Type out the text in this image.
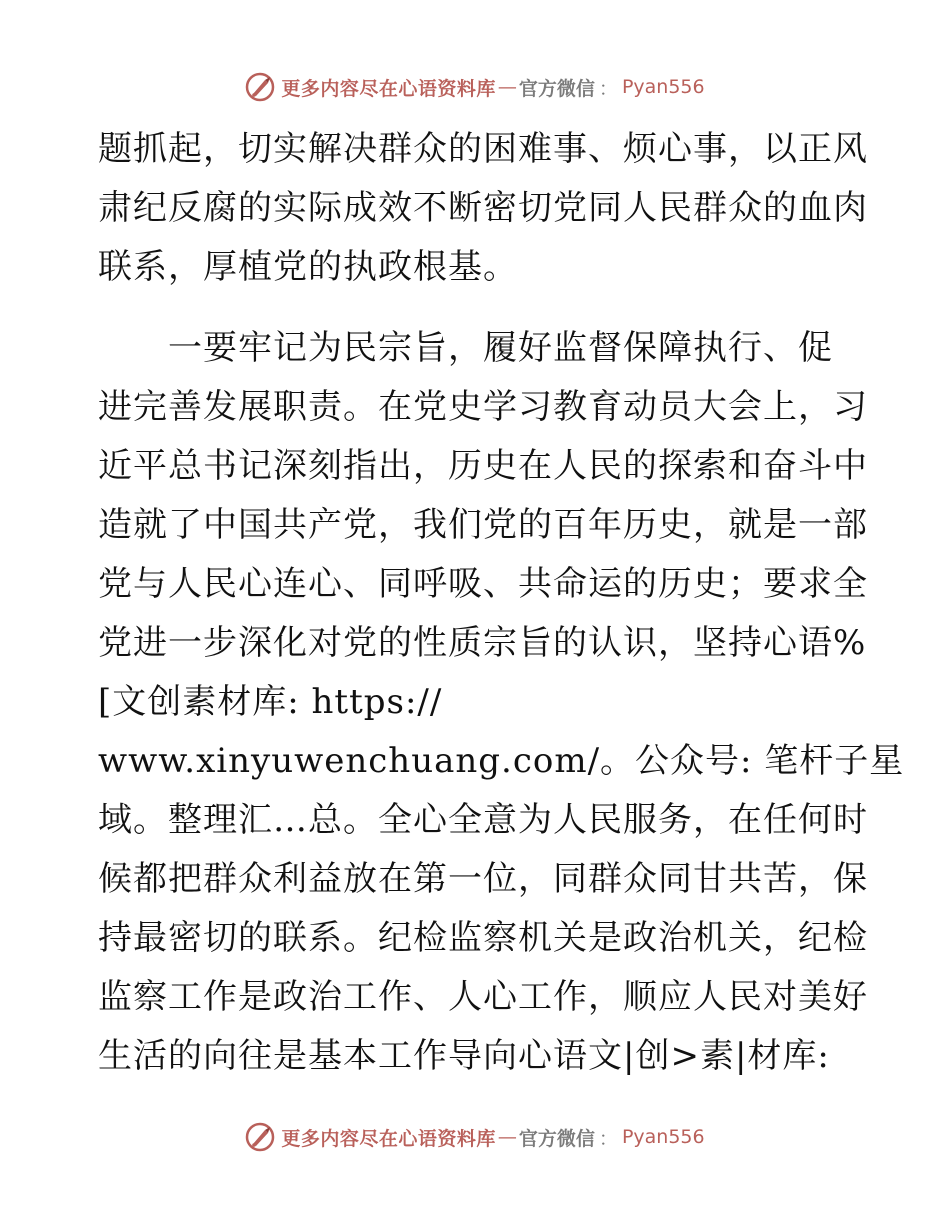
更多内容尽在心语资料库 — 官方微信 ： Pyan556
题抓起，切实解决群众的困难事、烦心事，以正风
肃纪反腐的实际成效不断密切党同人民群众的血肉
联系，厚植党的执政根基。
　　一要牢记为民宗旨，履好监督保障执行、促
进完善发展职责。在党史学习教育动员大会上，习
近平总书记深刻指出，历史在人民的探索和奋斗中
造就了中国共产党，我们党的百年历史，就是一部
党与人民心连心、同呼吸、共命运的历史；要求全
党进一步深化对党的性质宗旨的认识，坚持心语%
[文创素材库: https://
www.xinyuwenchuang.com/。公众号: 笔杆子星
域。整理汇…总。全心全意为人民服务，在任何时
候都把群众利益放在第一位，同群众同甘共苦，保
持最密切的联系。纪检监察机关是政治机关，纪检
监察工作是政治工作、人心工作，顺应人民对美好
生活的向往是基本工作导向心语文|创>素|材库:
更多内容尽在心语资料库 — 官方微信 ： Pyan556
